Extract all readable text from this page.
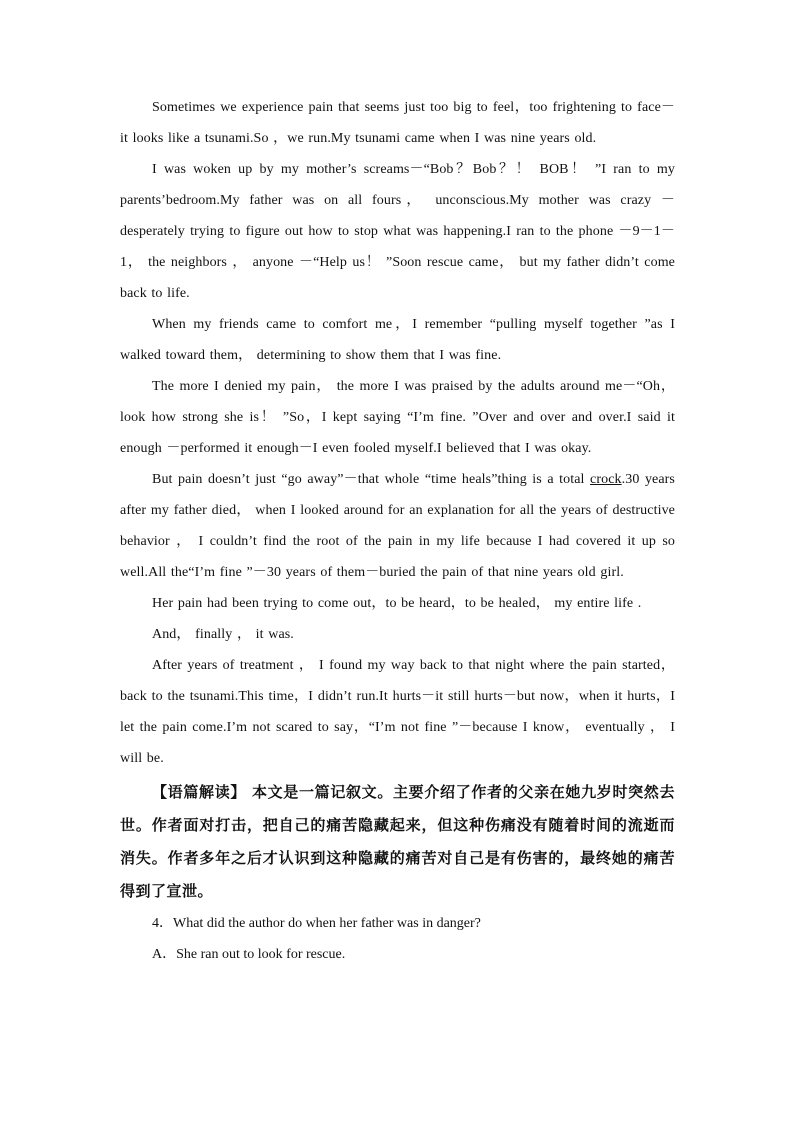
Sometimes we experience pain that seems just too big to feel，too frightening to face－it looks like a tsunami.So ，we run.My tsunami came when I was nine years old.

I was woken up by my mother’s screams－“Bob？Bob？！ BOB！ ”I ran to my parents’bedroom.My father was on all fours， unconscious.My mother was crazy －desperately trying to figure out how to stop what was happening.I ran to the phone －9－1－1， the neighbors ， anyone －“Help us！ ”Soon rescue came， but my father didn’t come back to life.

When my friends came to comfort me，I remember “pulling myself together ”as I walked toward them， determining to show them that I was fine.

The more I denied my pain， the more I was praised by the adults around me－“Oh，look how strong she is！ ”So，I kept saying “I’m fine. ”Over and over and over.I said it enough －performed it enough－I even fooled myself.I believed that I was okay.

But pain doesn’t just “go away”－that whole “time heals”thing is a total crock.30 years after my father died， when I looked around for an explanation for all the years of destructive behavior ， I couldn’t find the root of the pain in my life because I had covered it up so well.All the“I’m fine ”－30 years of them－buried the pain of that nine years old girl.

Her pain had been trying to come out，to be heard，to be healed， my entire life .

And， finally ， it was.

After years of treatment ， I found my way back to that night where the pain started，back to the tsunami.This time，I didn’t run.It hurts－it still hurts－but now，when it hurts，I let the pain come.I’m not scared to say，“I’m not fine ”－because I know， eventually ， I will be.

【语篇解读】 本文是一篇记叙文。主要介绍了作者的父亲在她九岁时突然去世。作者面对打击，把自己的痛苦隐藏起来，但这种伤痛没有随着时间的流逝而消失。作者多年之后才认识到这种隐藏的痛苦对自己是有伤害的，最终她的痛苦得到了宣泄。

4．What did the author do when her father was in danger?

A．She ran out to look for rescue.
